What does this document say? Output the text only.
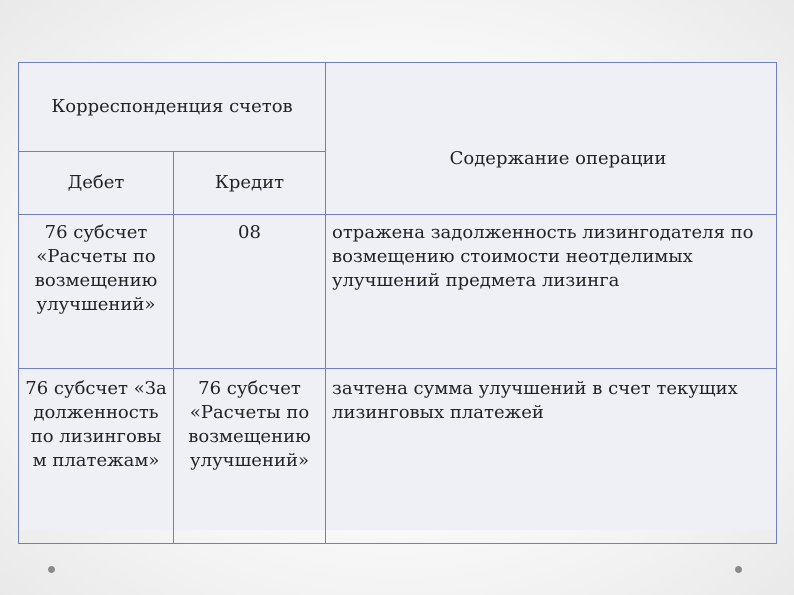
Корреспонденция счетов		Содержание операции
Дебет	Кредит	
76 субсчет «Расчеты по возмещению улучшений»	08	отражена задолженность лизингодателя по возмещению стоимости неотделимых улучшений предмета лизинга
76 субсчет «Задолженность по лизинговым платежам»	76 субсчет «Расчеты по возмещению улучшений»	зачтена сумма улучшений в счет текущих лизинговых платежей
